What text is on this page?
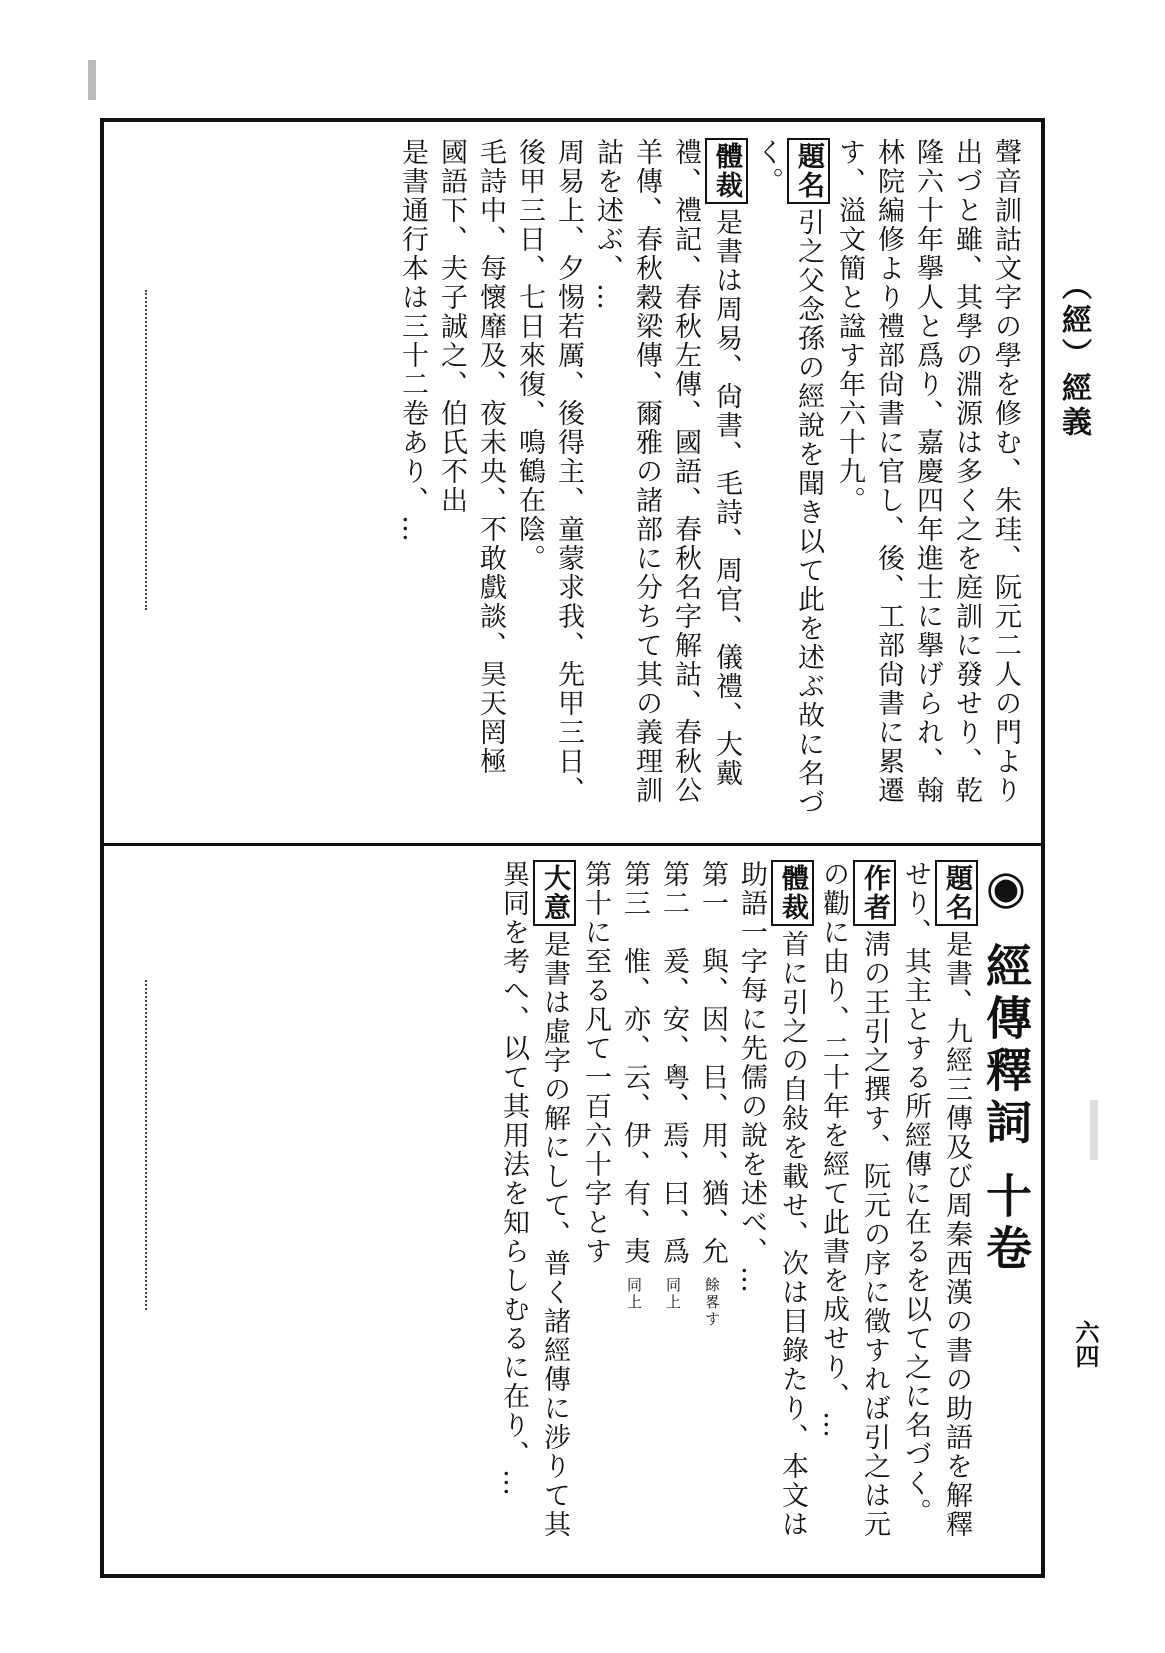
（經）經義
六四
聲音訓詁文字の學を修む、朱珪、阮元二人の門より出づと雖、其學の淵源は多く之を庭訓に發せり、乾隆六十年擧人と爲り、嘉慶四年進士に擧げられ、翰林院編修より禮部尙書に官し、後、工部尙書に累遷す、溢文簡と諡す年六十九。
題名引之父念孫の經說を聞き以て此を述ぶ故に名づく。
體裁是書は周易、尙書、毛詩、周官、儀禮、大戴禮、禮記、春秋左傳、國語、春秋名字解詁、春秋公羊傳、春秋穀梁傳、爾雅の諸部に分ちて其の義理訓詁を述ぶ、…
周易上、夕惕若厲、後得主、童蒙求我、先甲三日、後甲三日、七日來復、鳴鶴在陰。
毛詩中、每懷靡及、夜未央、不敢戲談、昊天罔極
國語下、夫子誠之、伯氏不出
是書通行本は三十二卷あり、…
◉ 經傳釋詞 十卷
題名是書、九經三傳及び周秦西漢の書の助語を解釋せり、其主とする所經傳に在るを以て之に名づく。
作者淸の王引之撰す、阮元の序に徵すれば引之は元の勸に由り、二十年を經て此書を成せり、…
體裁首に引之の自敍を載せ、次は目錄たり、本文は助語一字每に先儒の說を述べ、…
第一　與、因、㠯、用、猶、允 餘畧す
第二　爰、安、粤、焉、曰、爲 同上
第三　惟、亦、云、伊、有、夷 同上
第十に至る凡て一百六十字とす
大意是書は虛字の解にして、普く諸經傳に涉りて其異同を考へ、以て其用法を知らしむるに在り、…
